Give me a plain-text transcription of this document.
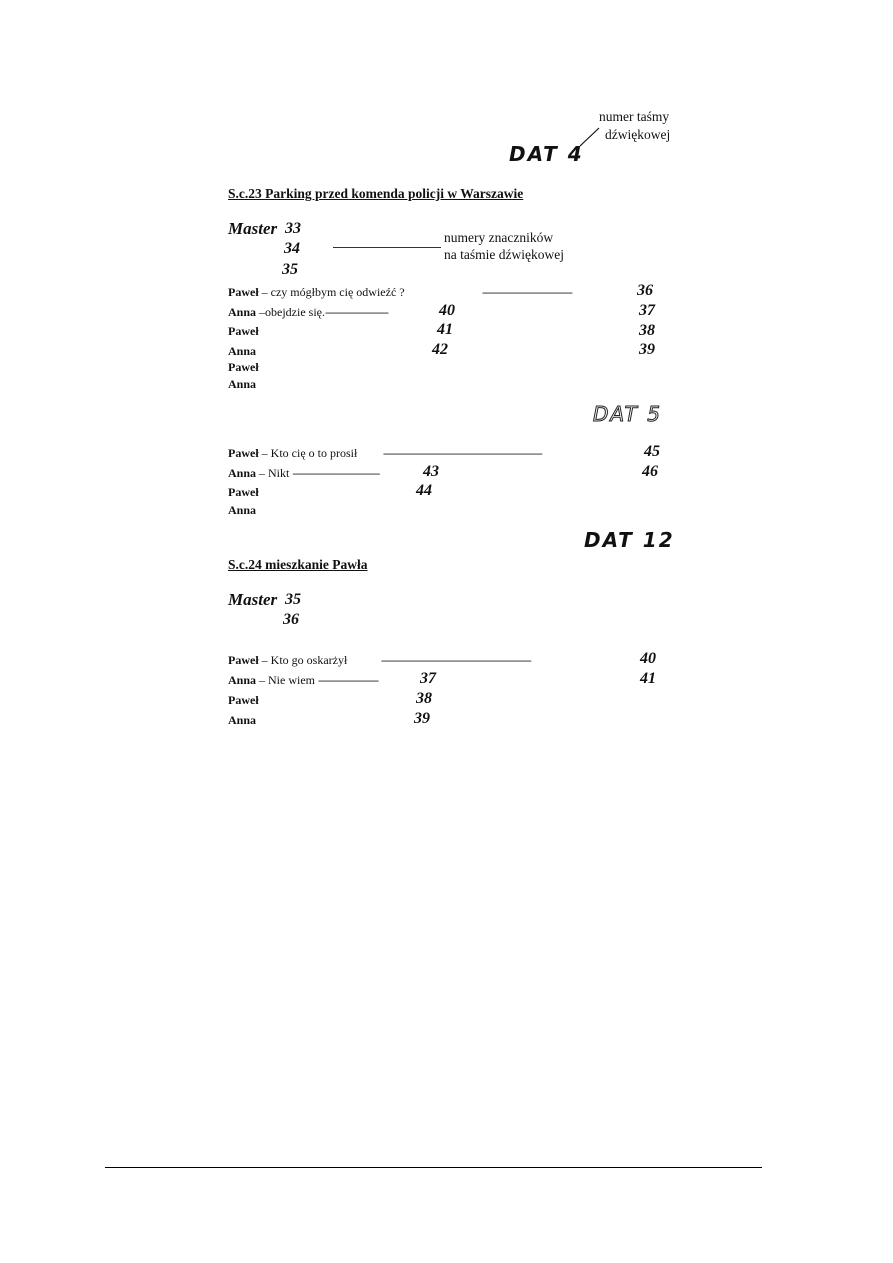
numer taśmy
dźwiękowej
DAT 4
S.c.23 Parking przed komenda policji w Warszawie
Master 33
34
35
numery znaczników
na taśmie dźwiękowej
Paweł – czy mógłbym cię odwieźć ?	------------------------------	36
Anna –obejdzie się.---------------------	40	37
Paweł	41	38
Anna	42	39
Paweł
Anna
DAT 5
Paweł – Kto cię o to prosił -----------------------------------------------------	45
Anna – Nikt -----------------------------	43	46
Paweł	44
Anna
DAT 12
S.c.24 mieszkanie Pawła
Master 35
36
Paweł – Kto go oskarżył	--------------------------------------------------	40
Anna – Nie wiem --------------------	37	41
Paweł	38
Anna	39
